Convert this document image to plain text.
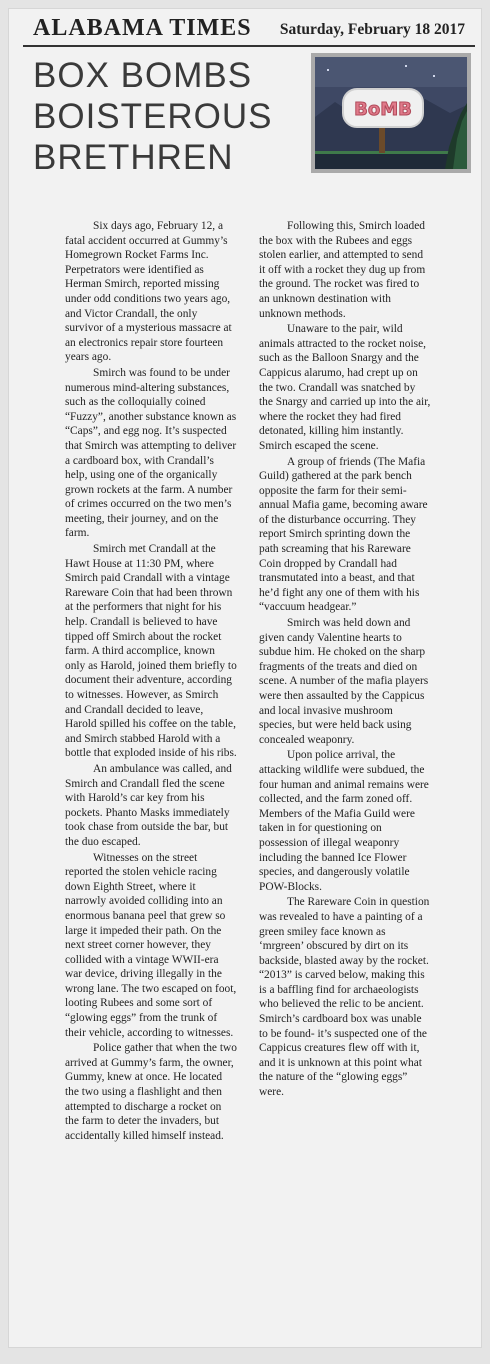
ALABAMA TIMES Saturday, February 18 2017
BOX BOMBS
BOISTEROUS
BRETHREN
BoMB

Six days ago, February 12, a fatal accident occurred at Gummy’s Homegrown Rocket Farms Inc. Perpetrators were identified as Herman Smirch, reported missing under odd conditions two years ago, and Victor Crandall, the only survivor of a mysterious massacre at an electronics repair store fourteen years ago.

Smirch was found to be under numerous mind-altering substances, such as the colloquially coined “Fuzzy”, another substance known as “Caps”, and egg nog. It’s suspected that Smirch was attempting to deliver a cardboard box, with Crandall’s help, using one of the organically grown rockets at the farm. A number of crimes occurred on the two men’s meeting, their journey, and on the farm.

Smirch met Crandall at the Hawt House at 11:30 PM, where Smirch paid Crandall with a vintage Rareware Coin that had been thrown at the performers that night for his help. Crandall is believed to have tipped off Smirch about the rocket farm. A third accomplice, known only as Harold, joined them briefly to document their adventure, according to witnesses. However, as Smirch and Crandall decided to leave, Harold spilled his coffee on the table, and Smirch stabbed Harold with a bottle that exploded inside of his ribs.

An ambulance was called, and Smirch and Crandall fled the scene with Harold’s car key from his pockets. Phanto Masks immediately took chase from outside the bar, but the duo escaped.

Witnesses on the street reported the stolen vehicle racing down Eighth Street, where it narrowly avoided colliding into an enormous banana peel that grew so large it impeded their path. On the next street corner however, they collided with a vintage WWII-era war device, driving illegally in the wrong lane. The two escaped on foot, looting Rubees and some sort of “glowing eggs” from the trunk of their vehicle, according to witnesses.

Police gather that when the two arrived at Gummy’s farm, the owner, Gummy, knew at once. He located the two using a flashlight and then attempted to discharge a rocket on the farm to deter the invaders, but accidentally killed himself instead.

Following this, Smirch loaded the box with the Rubees and eggs stolen earlier, and attempted to send it off with a rocket they dug up from the ground. The rocket was fired to an unknown destination with unknown methods.

Unaware to the pair, wild animals attracted to the rocket noise, such as the Balloon Snargy and the Cappicus alarumo, had crept up on the two. Crandall was snatched by the Snargy and carried up into the air, where the rocket they had fired detonated, killing him instantly. Smirch escaped the scene.

A group of friends (The Mafia Guild) gathered at the park bench opposite the farm for their semi-annual Mafia game, becoming aware of the disturbance occurring. They report Smirch sprinting down the path screaming that his Rareware Coin dropped by Crandall had transmutated into a beast, and that he’d fight any one of them with his “vaccuum headgear.”

Smirch was held down and given candy Valentine hearts to subdue him. He choked on the sharp fragments of the treats and died on scene. A number of the mafia players were then assaulted by the Cappicus and local invasive mushroom species, but were held back using concealed weaponry.

Upon police arrival, the attacking wildlife were subdued, the four human and animal remains were collected, and the farm zoned off. Members of the Mafia Guild were taken in for questioning on possession of illegal weaponry including the banned Ice Flower species, and dangerously volatile POW-Blocks.

The Rareware Coin in question was revealed to have a painting of a green smiley face known as ‘mrgreen’ obscured by dirt on its backside, blasted away by the rocket. “2013” is carved below, making this is a baffling find for archaeologists who believed the relic to be ancient. Smirch’s cardboard box was unable to be found- it’s suspected one of the Cappicus creatures flew off with it, and it is unknown at this point what the nature of the “glowing eggs” were.
